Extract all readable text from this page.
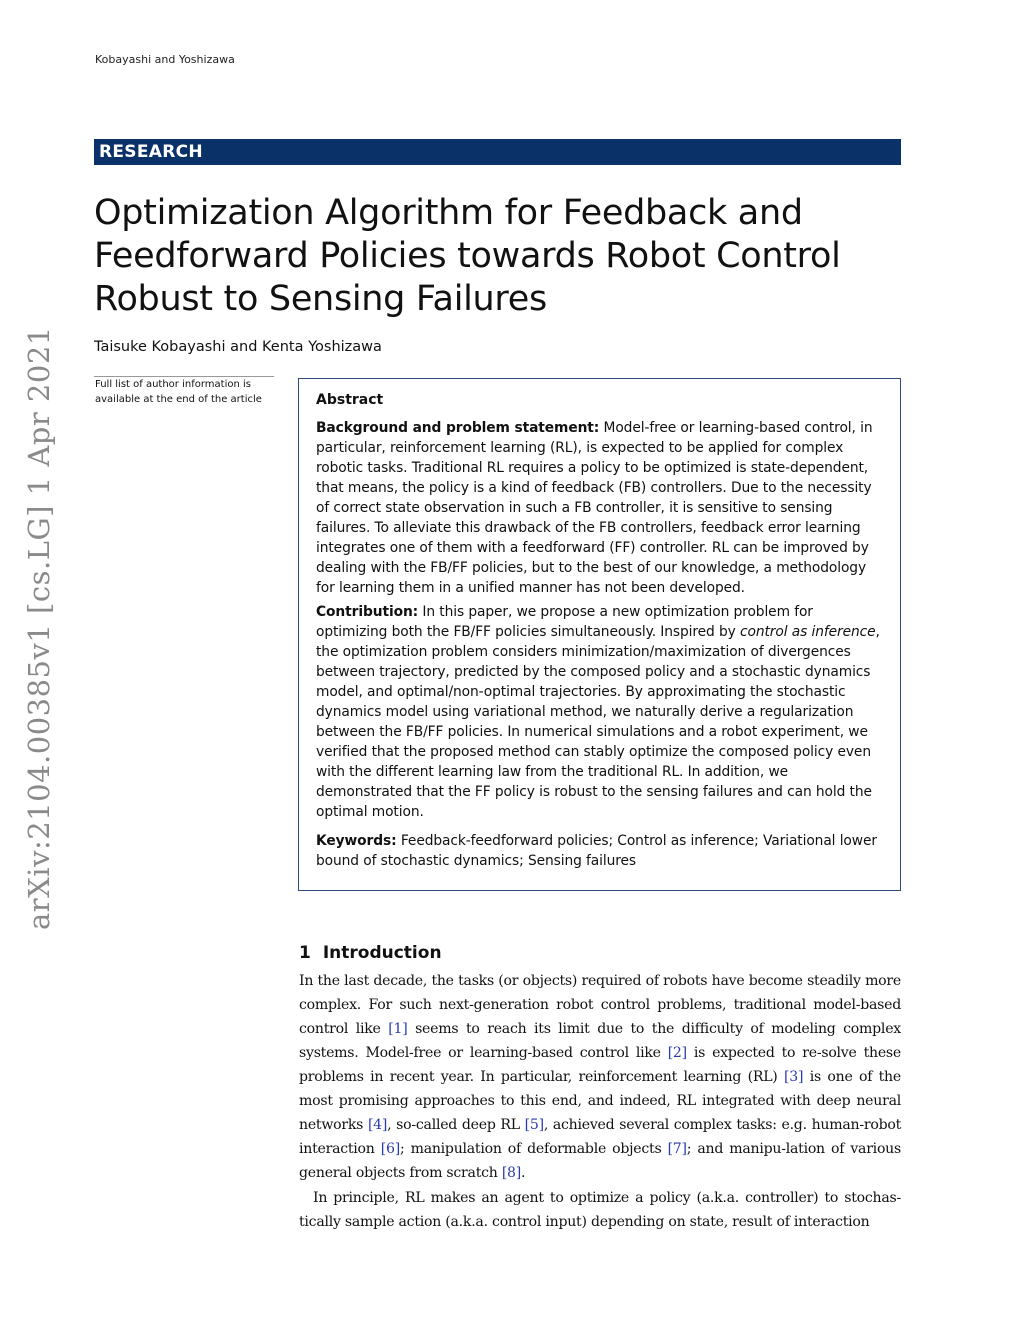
Kobayashi and Yoshizawa
arXiv:2104.00385v1 [cs.LG] 1 Apr 2021
RESEARCH
Optimization Algorithm for Feedback and
Feedforward Policies towards Robot Control
Robust to Sensing Failures
Taisuke Kobayashi and Kenta Yoshizawa
Full list of author information is
available at the end of the article	Abstract

Background and problem statement: Model-free or learning-based control, in particular, reinforcement learning (RL), is expected to be applied for complex robotic tasks. Traditional RL requires a policy to be optimized is state-dependent, that means, the policy is a kind of feedback (FB) controllers. Due to the necessity of correct state observation in such a FB controller, it is sensitive to sensing failures. To alleviate this drawback of the FB controllers, feedback error learning integrates one of them with a feedforward (FF) controller. RL can be improved by dealing with the FB/FF policies, but to the best of our knowledge, a methodology for learning them in a unified manner has not been developed.

Contribution: In this paper, we propose a new optimization problem for optimizing both the FB/FF policies simultaneously. Inspired by control as inference, the optimization problem considers minimization/maximization of divergences between trajectory, predicted by the composed policy and a stochastic dynamics model, and optimal/non-optimal trajectories. By approximating the stochastic dynamics model using variational method, we naturally derive a regularization between the FB/FF policies. In numerical simulations and a robot experiment, we verified that the proposed method can stably optimize the composed policy even with the different learning law from the traditional RL. In addition, we demonstrated that the FF policy is robust to the sensing failures and can hold the optimal motion.

Keywords: Feedback-feedforward policies; Control as inference; Variational lower bound of stochastic dynamics; Sensing failures

1 Introduction

In the last decade, the tasks (or objects) required of robots have become steadily more complex. For such next-generation robot control problems, traditional model-based control like [1] seems to reach its limit due to the difficulty of modeling complex systems. Model-free or learning-based control like [2] is expected to re-solve these problems in recent year. In particular, reinforcement learning (RL) [3] is one of the most promising approaches to this end, and indeed, RL integrated with deep neural networks [4], so-called deep RL [5], achieved several complex tasks: e.g. human-robot interaction [6]; manipulation of deformable objects [7]; and manipu-lation of various general objects from scratch [8].

In principle, RL makes an agent to optimize a policy (a.k.a. controller) to stochas-tically sample action (a.k.a. control input) depending on state, result of interaction
